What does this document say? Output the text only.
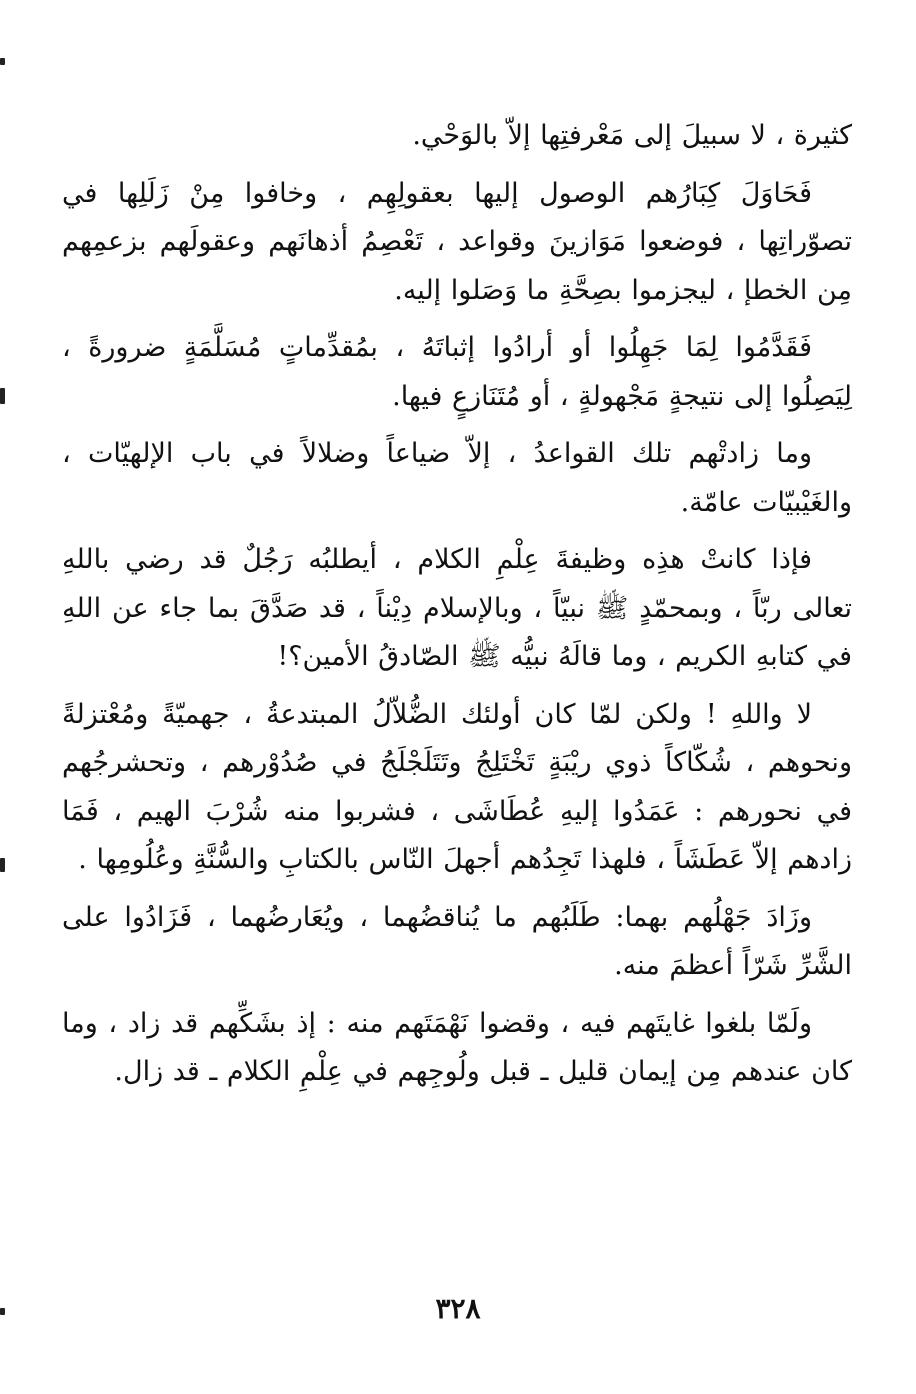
كثيرة ، لا سبيلَ إلى مَعْرفتِها إلاّ بالوَحْي.

فَحَاوَلَ كِبَارُهم الوصول إليها بعقولِهِم ، وخافوا مِنْ زَلَلِها في تصوّراتِها ، فوضعوا مَوَازينَ وقواعد ، تَعْصِمُ أذهانَهم وعقولَهم بزعمِهم مِن الخطإ ، ليجزموا بصِحَّةِ ما وَصَلوا إليه.

فَقَدَّمُوا لِمَا جَهِلُوا أو أرادُوا إثباتَهُ ، بمُقدِّماتٍ مُسَلَّمَةٍ ضرورةً ، لِيَصِلُوا إلى نتيجةٍ مَجْهولةٍ ، أو مُتَنَازعٍ فيها.

وما زادتْهم تلك القواعدُ ، إلاّ ضياعاً وضلالاً في باب الإلهيّات ، والغَيْبيّات عامّة.

فإذا كانتْ هذِه وظيفةَ عِلْمِ الكلام ، أيطلبُه رَجُلٌ قد رضي باللهِ تعالى ربّاً ، وبمحمّدٍ ﷺ نبيّاً ، وبالإسلام دِيْناً ، قد صَدَّقَ بما جاء عن اللهِ في كتابهِ الكريم ، وما قالَهُ نبيُّه ﷺ الصّادقُ الأمين؟!

لا واللهِ ! ولكن لمّا كان أولئك الضُّلاّلُ المبتدعةُ ، جهميّةً ومُعْتزلةً ونحوهم ، شُكّاكاً ذوي ريْبَةٍ تَخْتَلِجُ وتَتَلَجْلَجُ في صُدُوْرهم ، وتحشرجُهم في نحورهم : عَمَدُوا إليهِ عُطَاشَى ، فشربوا منه شُرْبَ الهيم ، فَمَا زادهم إلاّ عَطَشَاً ، فلهذا تَجِدُهم أجهلَ النّاس بالكتابِ والسُّنَّةِ وعُلُومِها .

وزَادَ جَهْلُهم بهما: طَلَبُهم ما يُناقضُهما ، ويُعَارضُهما ، فَزَادُوا على الشَّرِّ شَرّاً أعظمَ منه.

ولَمّا بلغوا غايتَهم فيه ، وقضوا نَهْمَتَهم منه : إذ بشَكِّهم قد زاد ، وما كان عندهم مِن إيمان قليل ـ قبل ولُوجِهم في عِلْمِ الكلام ـ قد زال.

٣٢٨
